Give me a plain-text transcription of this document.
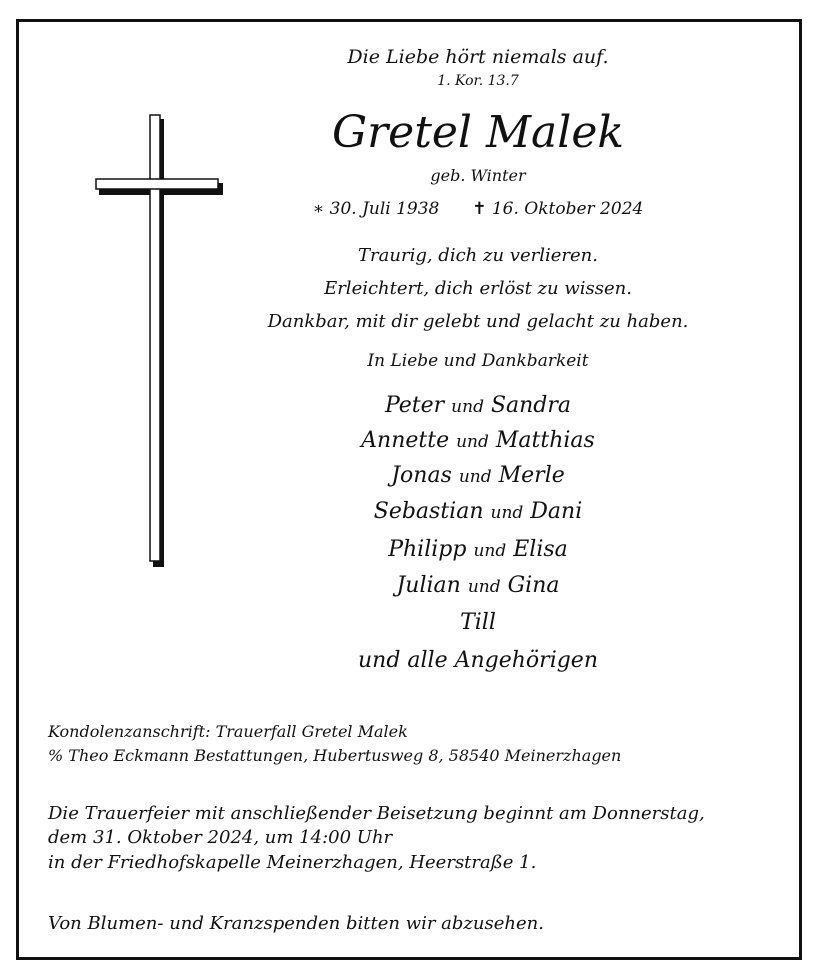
Die Liebe hört niemals auf.
1. Kor. 13.7
Gretel Malek
geb. Winter
∗ 30. Juli 1938 ✝ 16. Oktober 2024
Traurig, dich zu verlieren.
Erleichtert, dich erlöst zu wissen.
Dankbar, mit dir gelebt und gelacht zu haben.
In Liebe und Dankbarkeit
Peter und Sandra
Annette und Matthias
Jonas und Merle
Sebastian und Dani
Philipp und Elisa
Julian und Gina
Till
und alle Angehörigen
Kondolenzanschrift: Trauerfall Gretel Malek
% Theo Eckmann Bestattungen, Hubertusweg 8, 58540 Meinerzhagen
Die Trauerfeier mit anschließender Beisetzung beginnt am Donnerstag,
dem 31. Oktober 2024, um 14:00 Uhr
in der Friedhofskapelle Meinerzhagen, Heerstraße 1.
Von Blumen- und Kranzspenden bitten wir abzusehen.
